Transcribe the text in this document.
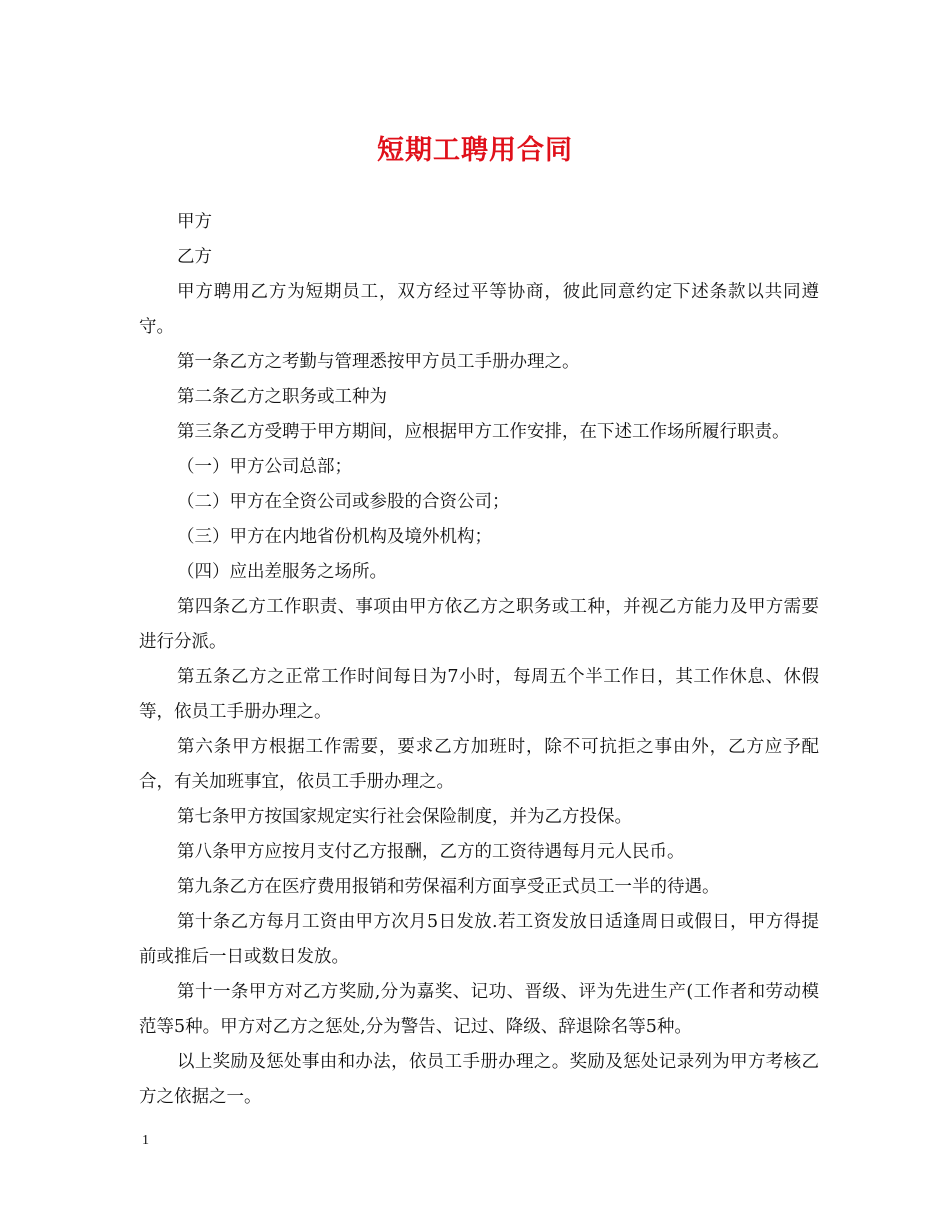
短期工聘用合同

甲方

乙方

甲方聘用乙方为短期员工，双方经过平等协商，彼此同意约定下述条款以共同遵守。

第一条乙方之考勤与管理悉按甲方员工手册办理之。

第二条乙方之职务或工种为

第三条乙方受聘于甲方期间，应根据甲方工作安排，在下述工作场所履行职责。

（一）甲方公司总部；

（二）甲方在全资公司或参股的合资公司；

（三）甲方在内地省份机构及境外机构；

（四）应出差服务之场所。

第四条乙方工作职责、事项由甲方依乙方之职务或工种，并视乙方能力及甲方需要进行分派。

第五条乙方之正常工作时间每日为7小时，每周五个半工作日，其工作休息、休假等，依员工手册办理之。

第六条甲方根据工作需要，要求乙方加班时，除不可抗拒之事由外，乙方应予配合，有关加班事宜，依员工手册办理之。

第七条甲方按国家规定实行社会保险制度，并为乙方投保。

第八条甲方应按月支付乙方报酬，乙方的工资待遇每月元人民币。

第九条乙方在医疗费用报销和劳保福利方面享受正式员工一半的待遇。

第十条乙方每月工资由甲方次月5日发放.若工资发放日适逢周日或假日，甲方得提前或推后一日或数日发放。

第十一条甲方对乙方奖励,分为嘉奖、记功、晋级、评为先进生产(工作者和劳动模范等5种。甲方对乙方之惩处,分为警告、记过、降级、辞退除名等5种。

以上奖励及惩处事由和办法，依员工手册办理之。奖励及惩处记录列为甲方考核乙方之依据之一。

1
